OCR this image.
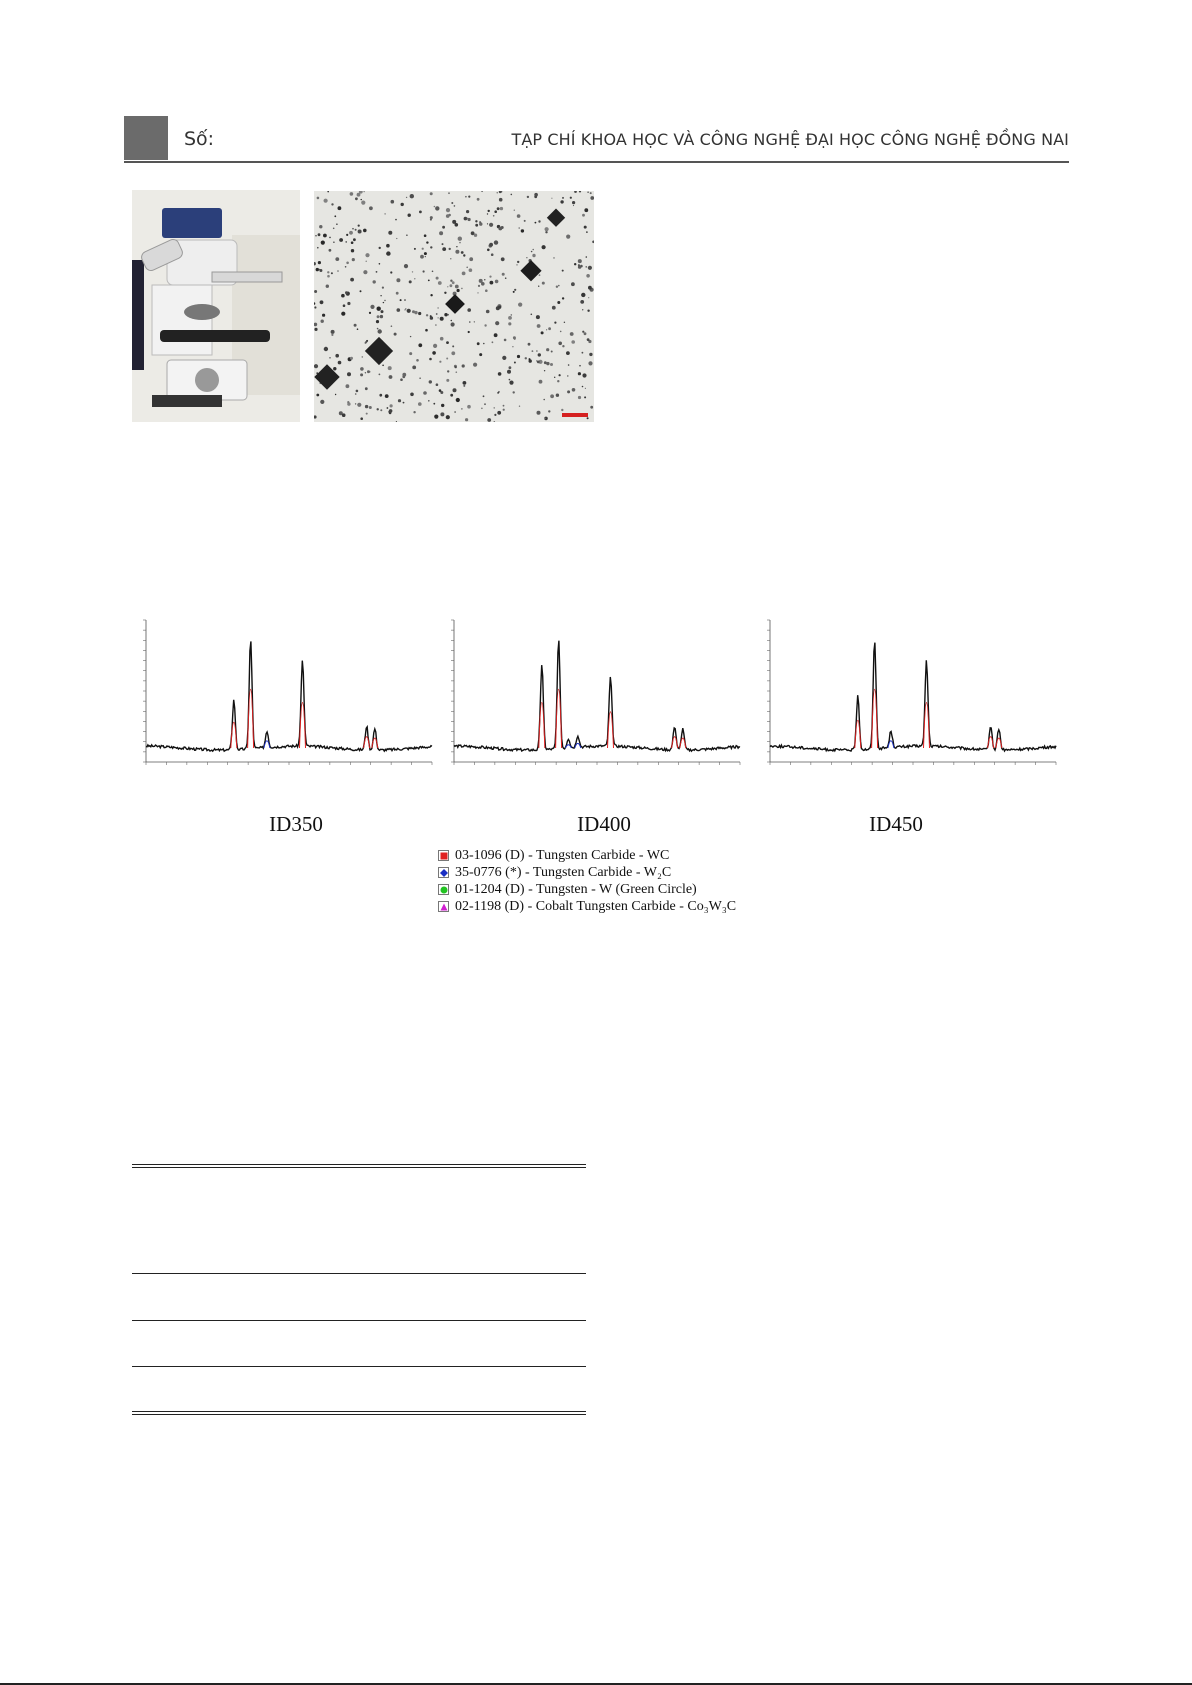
Số:	TẠP CHÍ KHOA HỌC VÀ CÔNG NGHỆ ĐẠI HỌC CÔNG NGHỆ ĐỒNG NAI
ID350	ID400	ID450
03-1096 (D) - Tungsten Carbide - WC
35-0776 (*) - Tungsten Carbide - W₂C
01-1204 (D) - Tungsten - W (Green Circle)
02-1198 (D) - Cobalt Tungsten Carbide - Co₃W₃C
